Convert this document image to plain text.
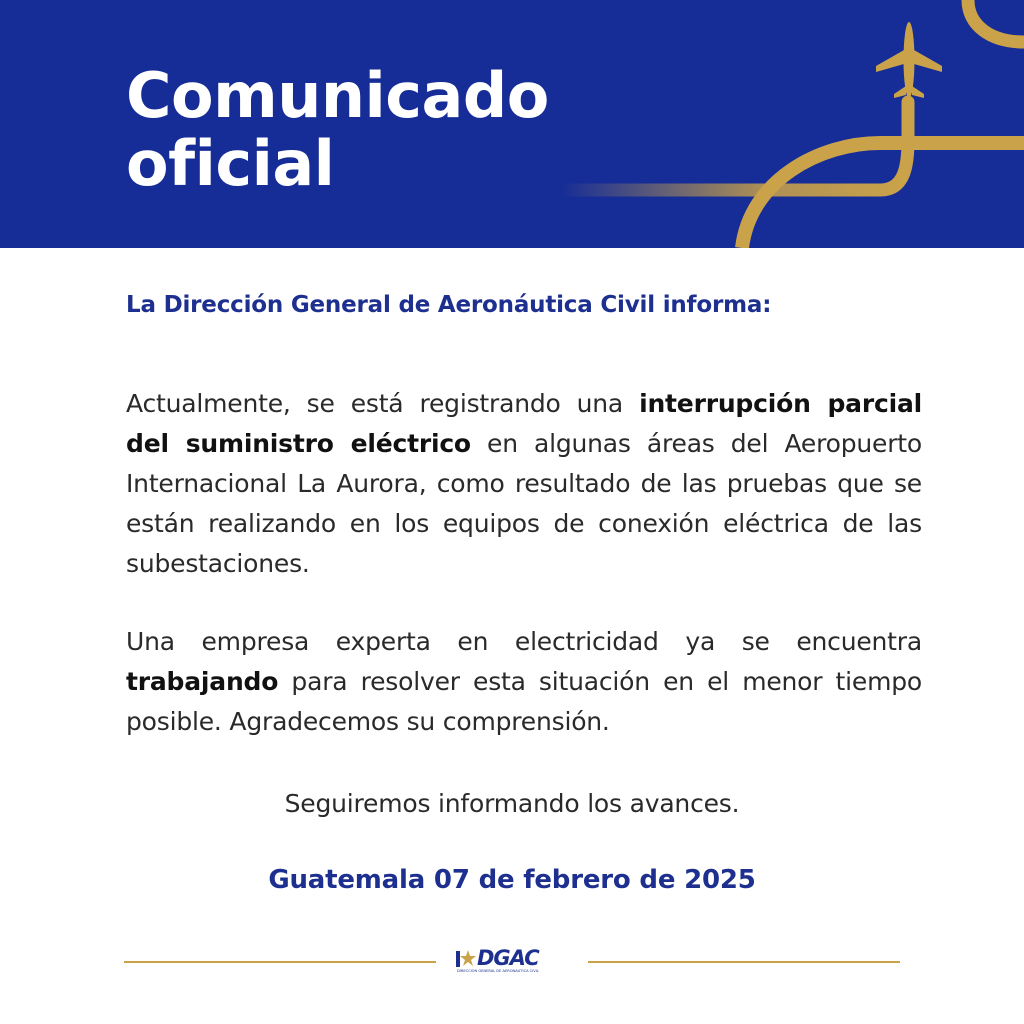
Comunicado
oficial

La Dirección General de Aeronáutica Civil informa:

Actualmente, se está registrando una interrupción parcial del suministro eléctrico en algunas áreas del Aeropuerto Internacional La Aurora, como resultado de las pruebas que se están realizando en los equipos de conexión eléctrica de las subestaciones.

Una empresa experta en electricidad ya se encuentra trabajando para resolver esta situación en el menor tiempo posible. Agradecemos su comprensión.

Seguiremos informando los avances.

Guatemala 07 de febrero de 2025

DGAC
DIRECCIÓN GENERAL DE AERONÁUTICA CIVIL
